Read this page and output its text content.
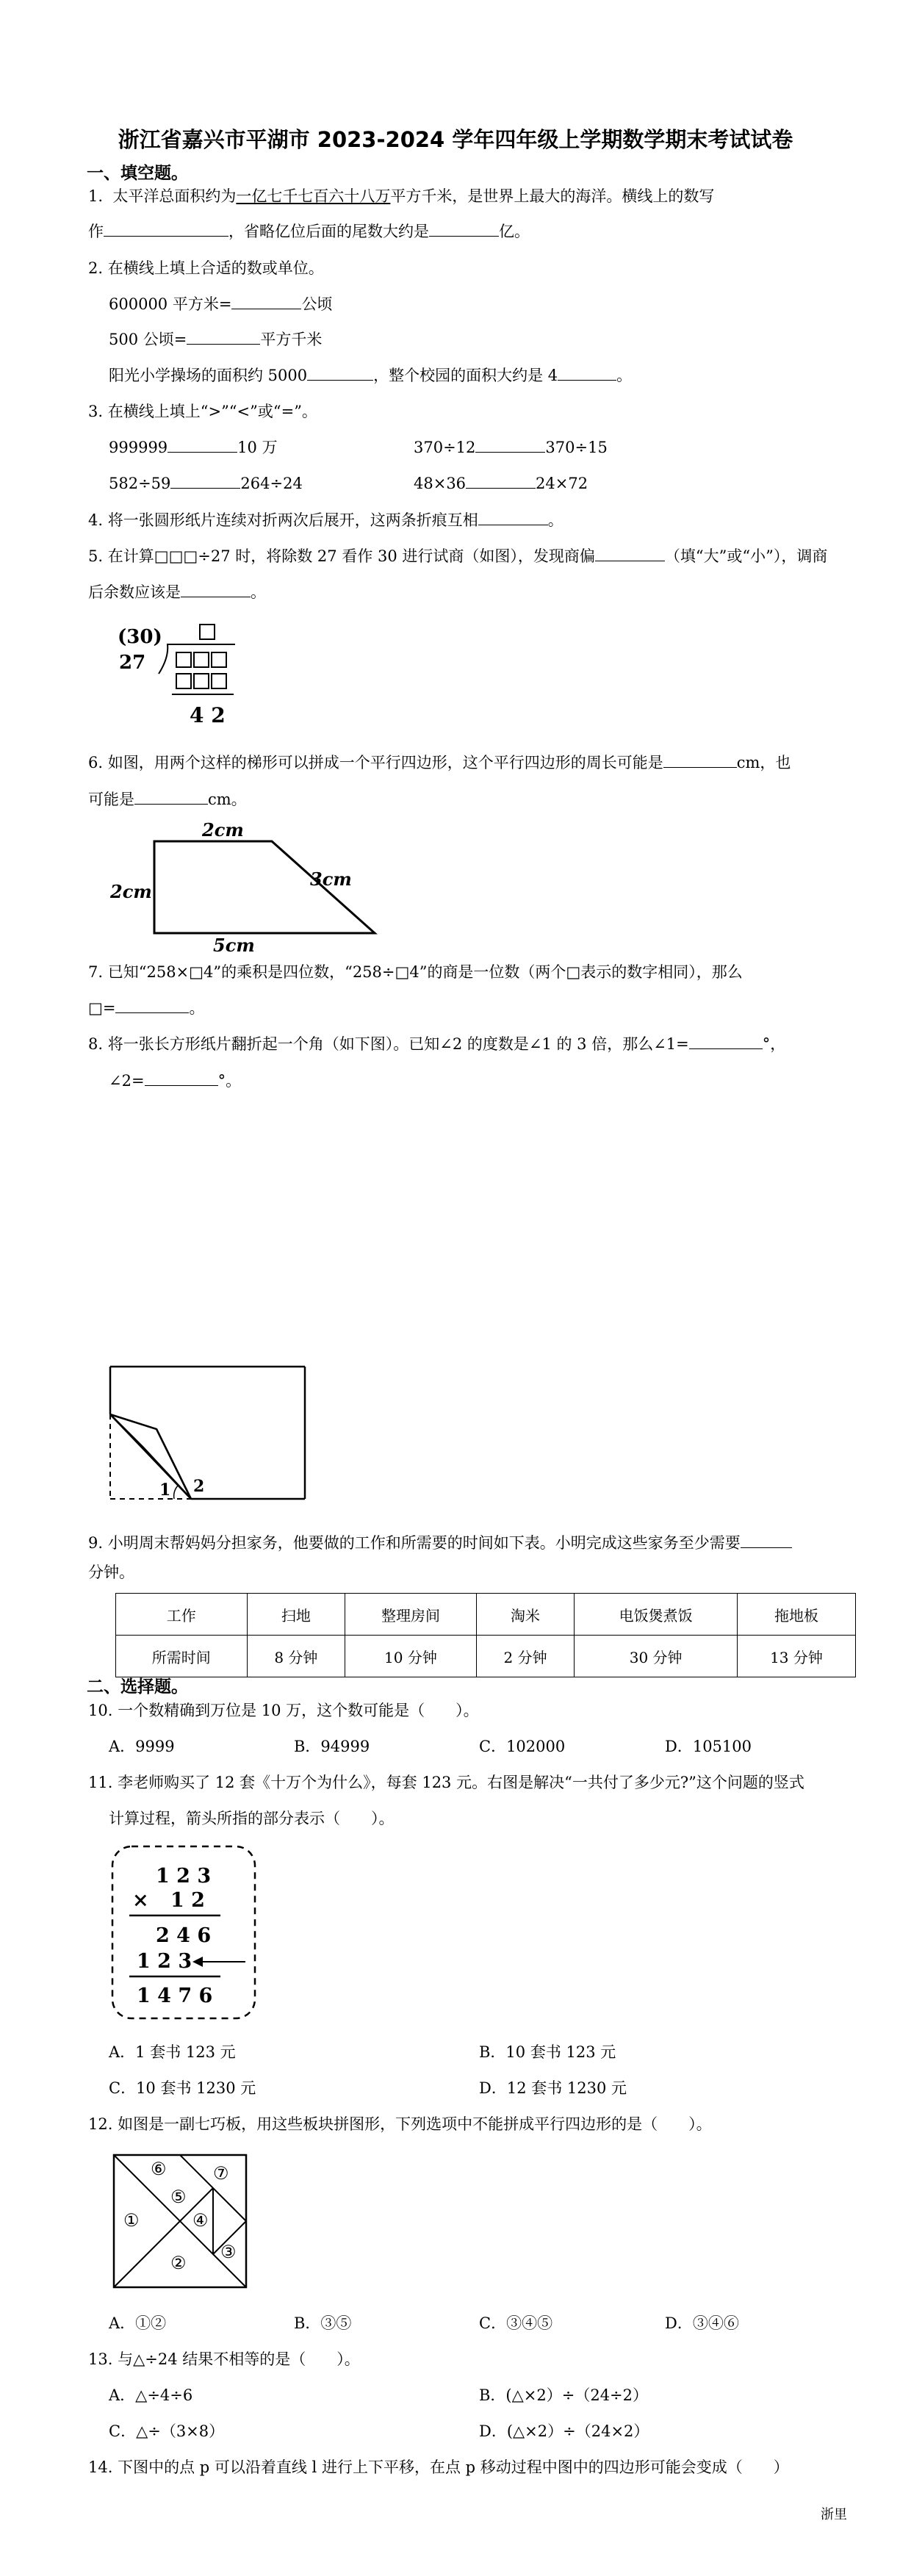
浙江省嘉兴市平湖市 2023-2024 学年四年级上学期数学期末考试试卷
一、填空题。
1. 太平洋总面积约为一亿七千七百六十八万平方千米，是世界上最大的海洋。横线上的数写
作	，省略亿位后面的尾数大约是	亿。
2. 在横线上填上合适的数或单位。
600000 平方米=	公顷
500 公顷=	平方千米
阳光小学操场的面积约 5000	，整个校园的面积大约是 4	。
3. 在横线上填上“>”“<”或“=”。
999999	10 万	370÷12	370÷15
582÷59	264÷24	48×36	24×72
4. 将一张圆形纸片连续对折两次后展开，这两条折痕互相	。
5. 在计算□□□÷27 时，将除数 27 看作 30 进行试商（如图），发现商偏	（填“大”或“小”），调商
后余数应该是	。
(30)
27
4 2
6. 如图，用两个这样的梯形可以拼成一个平行四边形，这个平行四边形的周长可能是	cm，也
可能是	cm。
2cm
2cm
3cm
5cm
7. 已知“258×□4”的乘积是四位数，“258÷□4”的商是一位数（两个□表示的数字相同），那么
□=	。
8. 将一张长方形纸片翻折起一个角（如下图）。已知∠2 的度数是∠1 的 3 倍，那么∠1=	°，
∠2=	°。
1 2
9. 小明周末帮妈妈分担家务，他要做的工作和所需要的时间如下表。小明完成这些家务至少需要
分钟。
工作	扫地	整理房间	淘米	电饭煲煮饭	拖地板
所需时间	8 分钟	10 分钟	2 分钟	30 分钟	13 分钟
二、选择题。
10. 一个数精确到万位是 10 万，这个数可能是（　　）。
A．9999	B．94999	C．102000	D．105100
11. 李老师购买了 12 套《十万个为什么》，每套 123 元。右图是解决“一共付了多少元?”这个问题的竖式
计算过程，箭头所指的部分表示（　　）。
1 2 3
× 1 2
2 4 6
1 2 3
1 4 7 6
A．1 套书 123 元	B．10 套书 123 元
C．10 套书 1230 元	D．12 套书 1230 元
12. 如图是一副七巧板，用这些板块拼图形，下列选项中不能拼成平行四边形的是（　　）。
⑥	⑦
⑤
①	④
②
③
A．①②	B．③⑤	C．③④⑤	D．③④⑥
13. 与△÷24 结果不相等的是（　　）。
A．△÷4÷6	B．(△×2）÷（24÷2）
C．△÷（3×8）	D．(△×2）÷（24×2）
14. 下图中的点 p 可以沿着直线 l 进行上下平移，在点 p 移动过程中图中的四边形可能会变成（　　）
浙里
